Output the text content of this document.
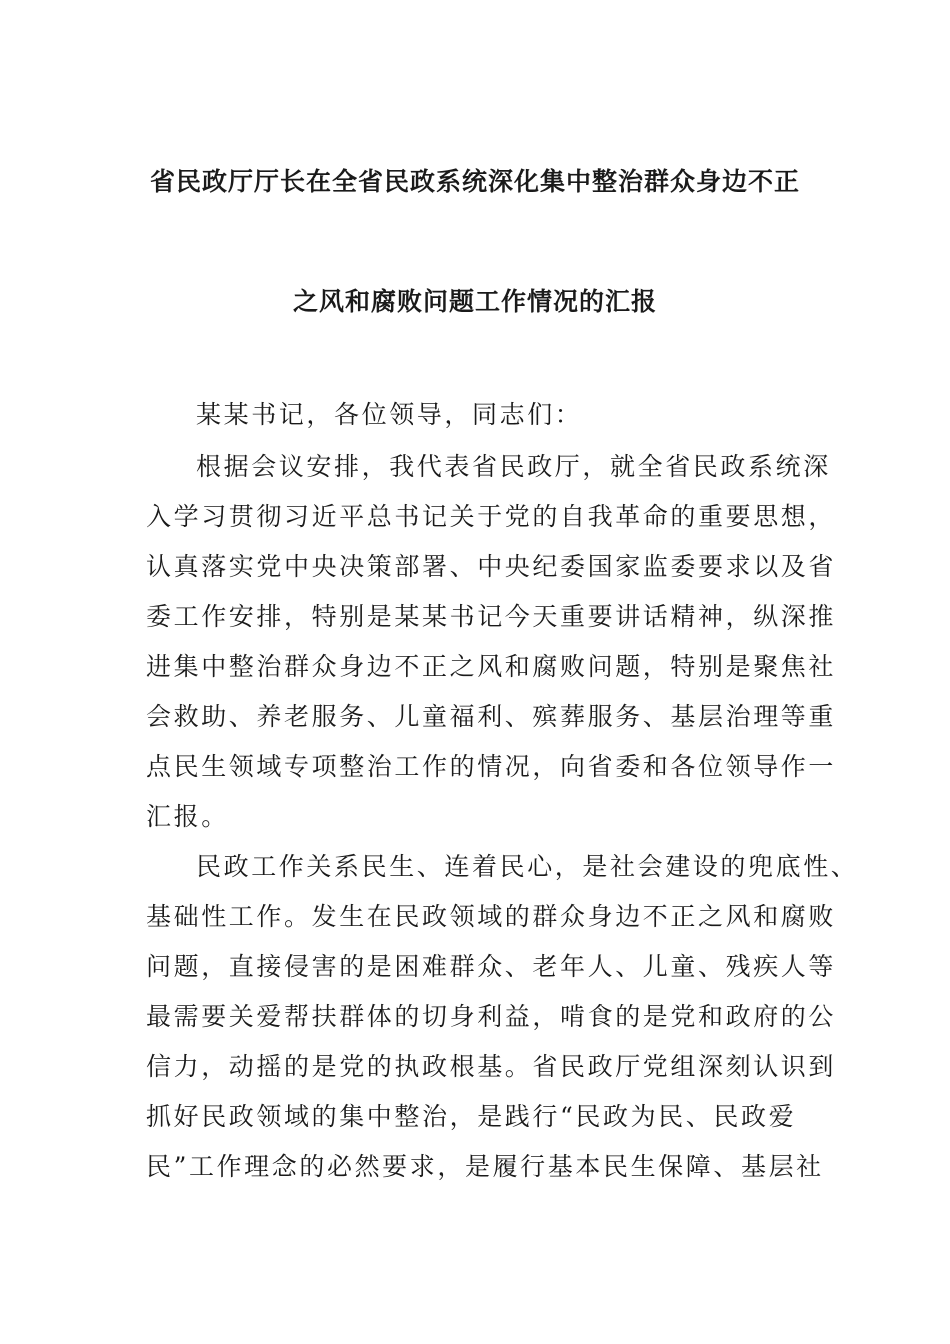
省民政厅厅长在全省民政系统深化集中整治群众身边不正
之风和腐败问题工作情况的汇报
某某书记，各位领导，同志们：
根据会议安排，我代表省民政厅，就全省民政系统深
入学习贯彻习近平总书记关于党的自我革命的重要思想，
认真落实党中央决策部署、中央纪委国家监委要求以及省
委工作安排，特别是某某书记今天重要讲话精神，纵深推
进集中整治群众身边不正之风和腐败问题，特别是聚焦社
会救助、养老服务、儿童福利、殡葬服务、基层治理等重
点民生领域专项整治工作的情况，向省委和各位领导作一
汇报。
民政工作关系民生、连着民心，是社会建设的兜底性、
基础性工作。发生在民政领域的群众身边不正之风和腐败
问题，直接侵害的是困难群众、老年人、儿童、残疾人等
最需要关爱帮扶群体的切身利益，啃食的是党和政府的公
信力，动摇的是党的执政根基。省民政厅党组深刻认识到
抓好民政领域的集中整治，是践行“民政为民、民政爱
民”工作理念的必然要求，是履行基本民生保障、基层社
